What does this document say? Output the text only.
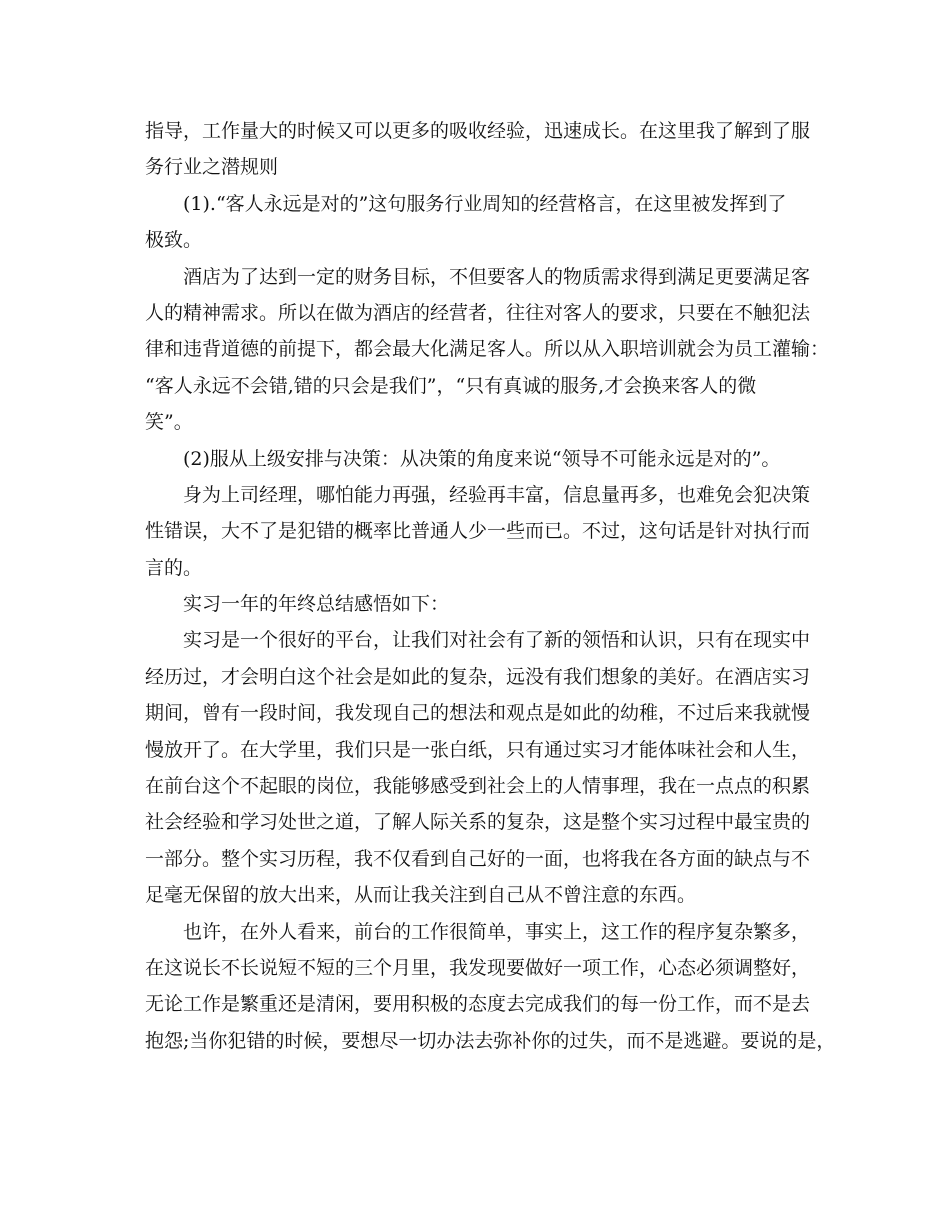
指导，工作量大的时候又可以更多的吸收经验，迅速成长。在这里我了解到了服
务行业之潜规则
(1).“客人永远是对的”这句服务行业周知的经营格言，在这里被发挥到了
极致。
酒店为了达到一定的财务目标，不但要客人的物质需求得到满足更要满足客
人的精神需求。所以在做为酒店的经营者，往往对客人的要求，只要在不触犯法
律和违背道德的前提下，都会最大化满足客人。所以从入职培训就会为员工灌输：
“客人永远不会错,错的只会是我们”，“只有真诚的服务,才会换来客人的微
笑”。
(2)服从上级安排与决策：从决策的角度来说“领导不可能永远是对的”。
身为上司经理，哪怕能力再强，经验再丰富，信息量再多，也难免会犯决策
性错误，大不了是犯错的概率比普通人少一些而已。不过，这句话是针对执行而
言的。
实习一年的年终总结感悟如下：
实习是一个很好的平台，让我们对社会有了新的领悟和认识，只有在现实中
经历过，才会明白这个社会是如此的复杂，远没有我们想象的美好。在酒店实习
期间，曾有一段时间，我发现自己的想法和观点是如此的幼稚，不过后来我就慢
慢放开了。在大学里，我们只是一张白纸，只有通过实习才能体味社会和人生，
在前台这个不起眼的岗位，我能够感受到社会上的人情事理，我在一点点的积累
社会经验和学习处世之道，了解人际关系的复杂，这是整个实习过程中最宝贵的
一部分。整个实习历程，我不仅看到自己好的一面，也将我在各方面的缺点与不
足毫无保留的放大出来，从而让我关注到自己从不曾注意的东西。
也许，在外人看来，前台的工作很简单，事实上，这工作的程序复杂繁多，
在这说长不长说短不短的三个月里，我发现要做好一项工作，心态必须调整好，
无论工作是繁重还是清闲，要用积极的态度去完成我们的每一份工作，而不是去
抱怨;当你犯错的时候，要想尽一切办法去弥补你的过失，而不是逃避。要说的是，
